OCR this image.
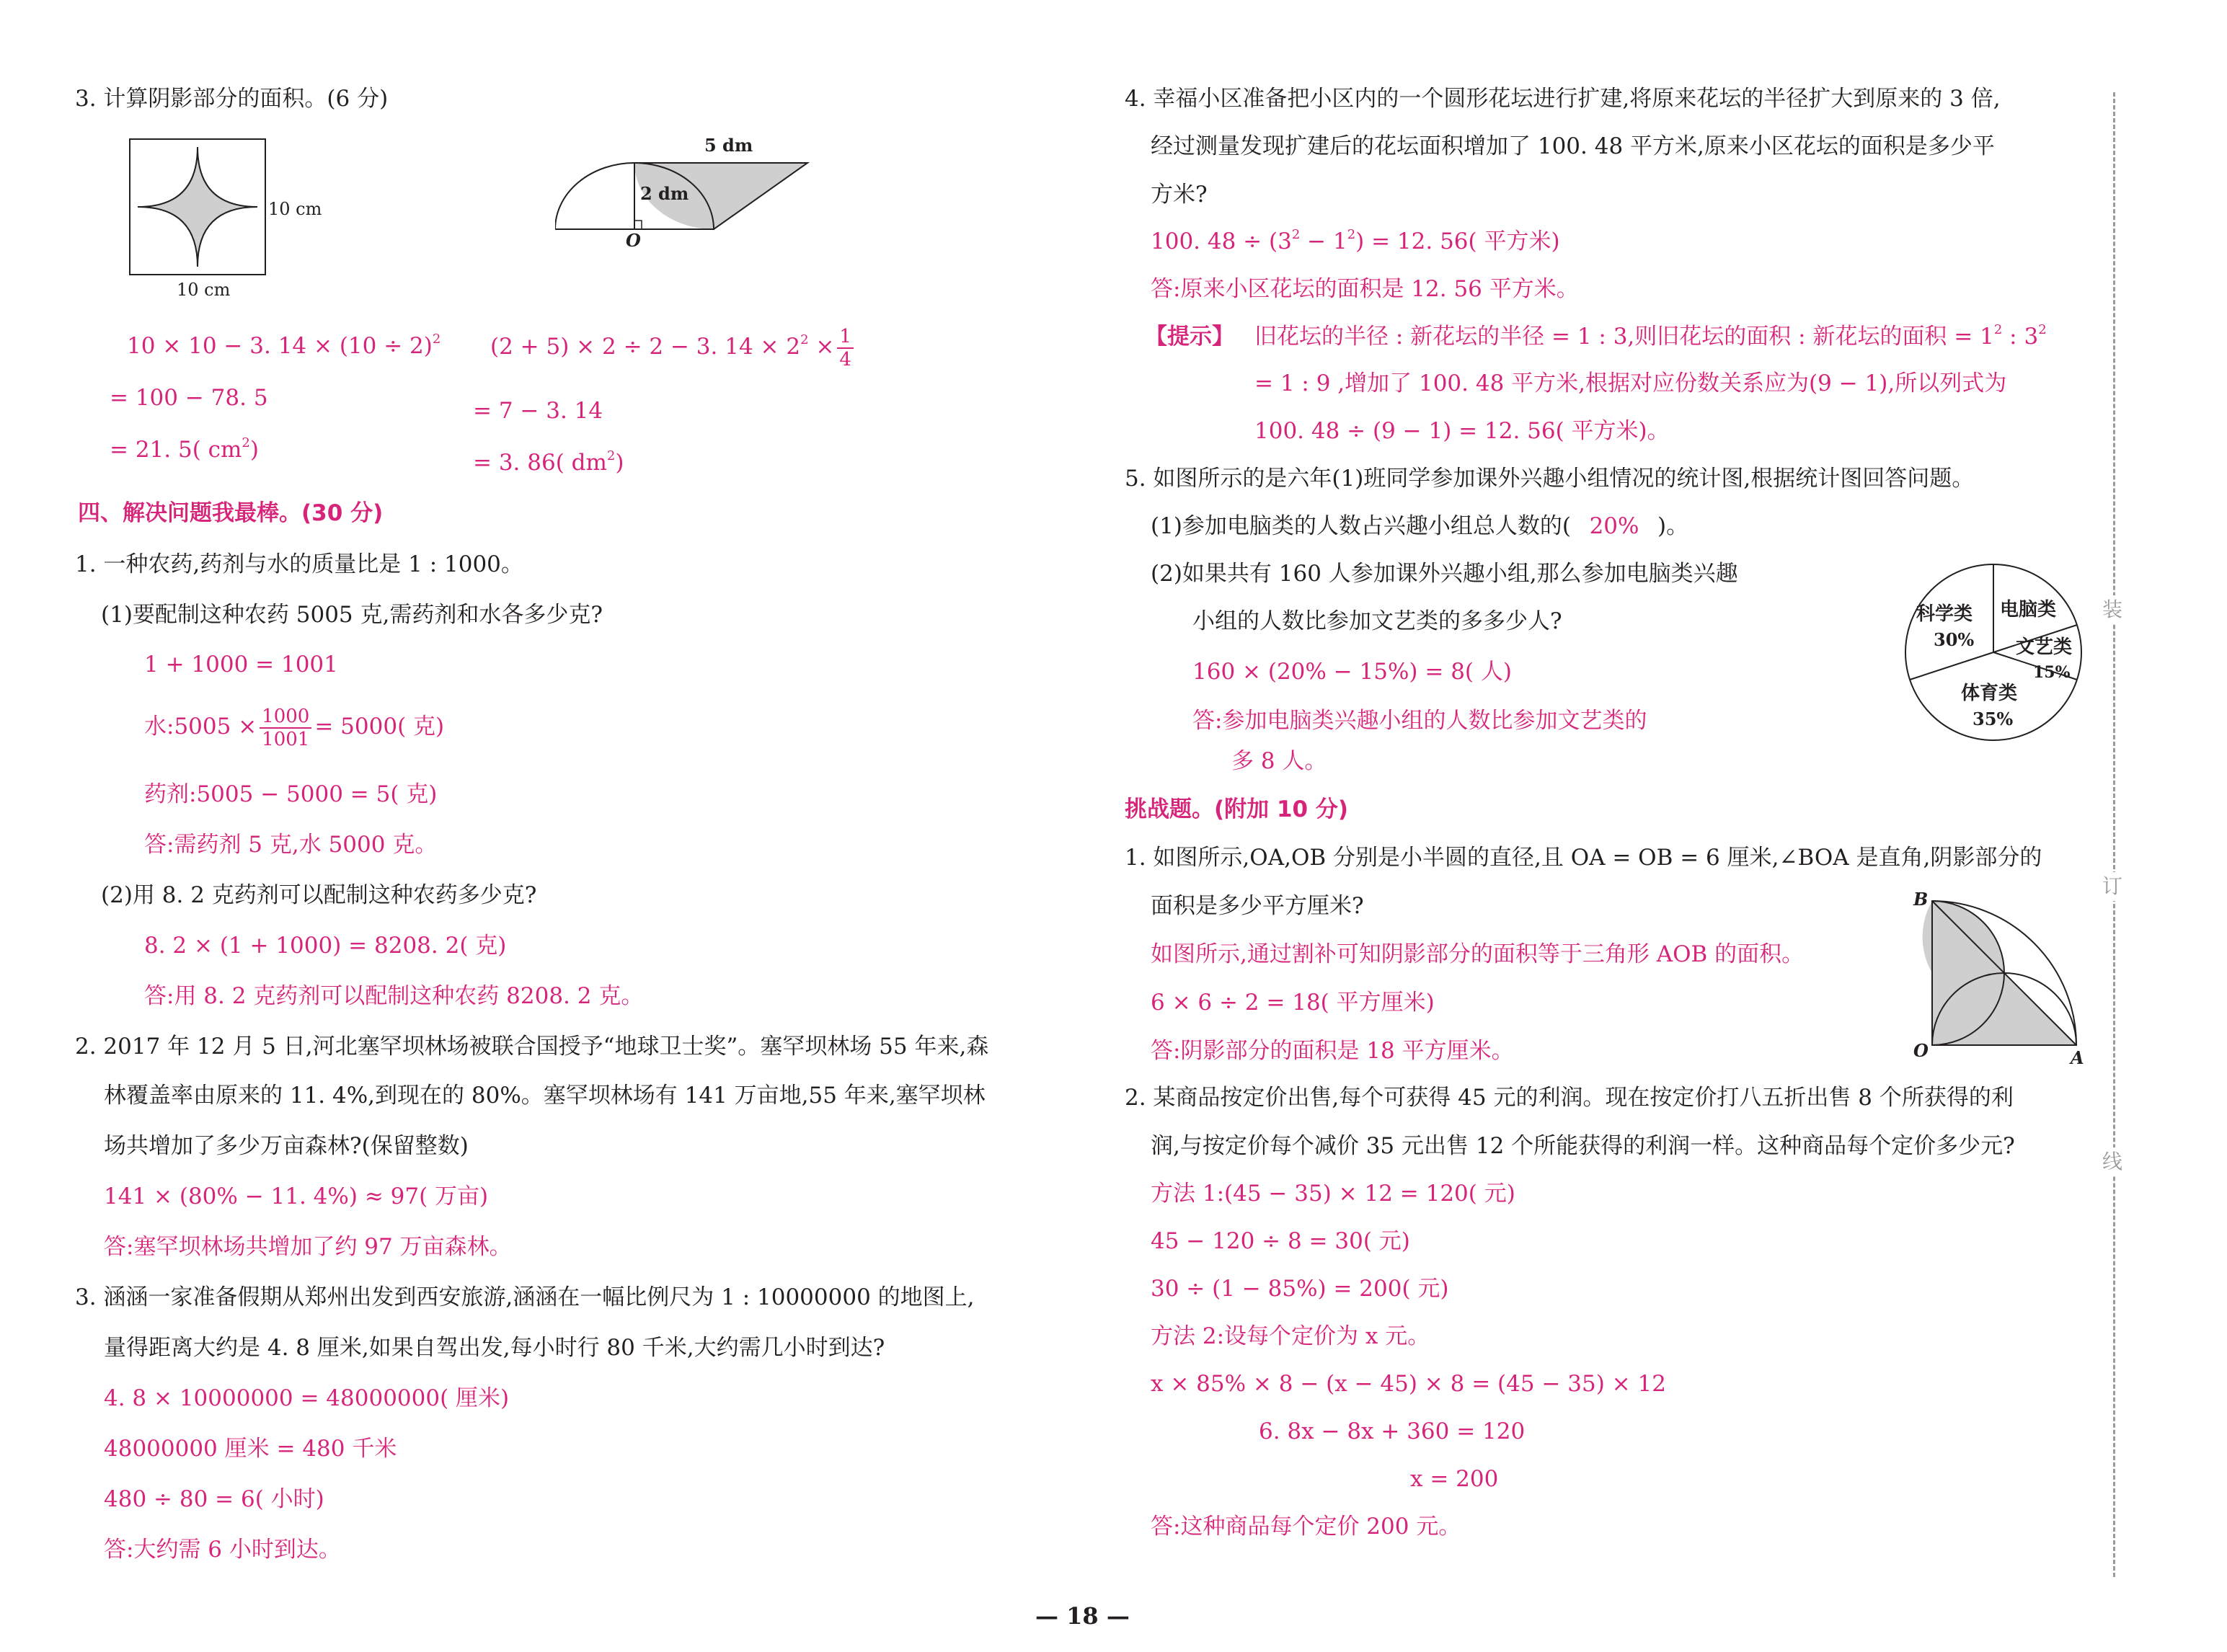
3. 计算阴影部分的面积。(6 分)
10 cm
10 cm
5 dm
2 dm
O
10 × 10 − 3. $14 \times (10 \div 2)^2$
= 100 − 78. 5
= 21. 5( $cm^2$)
(2 + 5) × 2 ÷ 2 − 3. $14 \times 2^2 \times \frac{1}{4}$
= 7 − 3. 14
= 3. 86( $dm^2$)
四、解决问题我最棒。(30 分)
1. 一种农药,药剂与水的质量比是 1 : 1000。
(1)要配制这种农药 5005 克,需药剂和水各多少克?
1 + 1000 = 1001
水:5005 × $\frac{1000}{1001} = 5000$( 克)
药剂:5005 − 5000 = 5( 克)
答:需药剂 5 克,水 5000 克。
(2)用 8. 2 克药剂可以配制这种农药多少克?
8. 2 × (1 + 1000) = 8208. 2( 克)
答:用 8. 2 克药剂可以配制这种农药 8208. 2 克。
2. 2017 年 12 月 5 日,河北塞罕坝林场被联合国授予“地球卫士奖”。塞罕坝林场 55 年来,森
林覆盖率由原来的 11. 4%,到现在的 80%。塞罕坝林场有 141 万亩地,55 年来,塞罕坝林
场共增加了多少万亩森林?(保留整数)
141 × (80% − 11. 4%) ≈ 97( 万亩)
答:塞罕坝林场共增加了约 97 万亩森林。
3. 涵涵一家准备假期从郑州出发到西安旅游,涵涵在一幅比例尺为 1 : 10000000 的地图上,
量得距离大约是 4. 8 厘米,如果自驾出发,每小时行 80 千米,大约需几小时到达?
4. 8 × 10000000 = 48000000( 厘米)
48000000 厘米 = 480 千米
480 ÷ 80 = 6( 小时)
答:大约需 6 小时到达。
4. 幸福小区准备把小区内的一个圆形花坛进行扩建,将原来花坛的半径扩大到原来的 3 倍,
经过测量发现扩建后的花坛面积增加了 100. 48 平方米,原来小区花坛的面积是多少平
方米?
100. $48 \div (3^2 - 1^2) = 12$. 56( 平方米)
答:原来小区花坛的面积是 12. 56 平方米。
【提示】 旧花坛的半径 : 新花坛的半径 = 1 : 3,则旧花坛的面积 : 新花坛的面积 = $1^2$ : $3^2$
= 1 : 9 ,增加了 100. 48 平方米,根据对应份数关系应为(9 − 1),所以列式为
100. 48 ÷ (9 − 1) = 12. 56( 平方米)。
5. 如图所示的是六年(1)班同学参加课外兴趣小组情况的统计图,根据统计图回答问题。
(1)参加电脑类的人数占兴趣小组总人数的( 20% )。
(2)如果共有 160 人参加课外兴趣小组,那么参加电脑类兴趣
小组的人数比参加文艺类的多多少人?
160 × (20% − 15%) = 8( 人)
答:参加电脑类兴趣小组的人数比参加文艺类的
多 8 人。
科学类
30%
电脑类
文艺类
15%
体育类
35%
挑战题。(附加 10 分)
1. 如图所示,OA,OB 分别是小半圆的直径,且 OA = OB = 6 厘米,∠BOA 是直角,阴影部分的
面积是多少平方厘米?
如图所示,通过割补可知阴影部分的面积等于三角形 AOB 的面积。
6 × 6 ÷ 2 = 18( 平方厘米)
答:阴影部分的面积是 18 平方厘米。
B
O	A
2. 某商品按定价出售,每个可获得 45 元的利润。现在按定价打八五折出售 8 个所获得的利
润,与按定价每个减价 35 元出售 12 个所能获得的利润一样。这种商品每个定价多少元?
方法 1:(45 − 35) × 12 = 120( 元)
45 − 120 ÷ 8 = 30( 元)
30 ÷ (1 − 85%) = 200( 元)
方法 2:设每个定价为 x 元。
x × 85% × 8 − (x − 45) × 8 = (45 − 35) × 12
6. 8x − 8x + 360 = 120
x = 200
答:这种商品每个定价 200 元。
装
订
线
— 18 —
